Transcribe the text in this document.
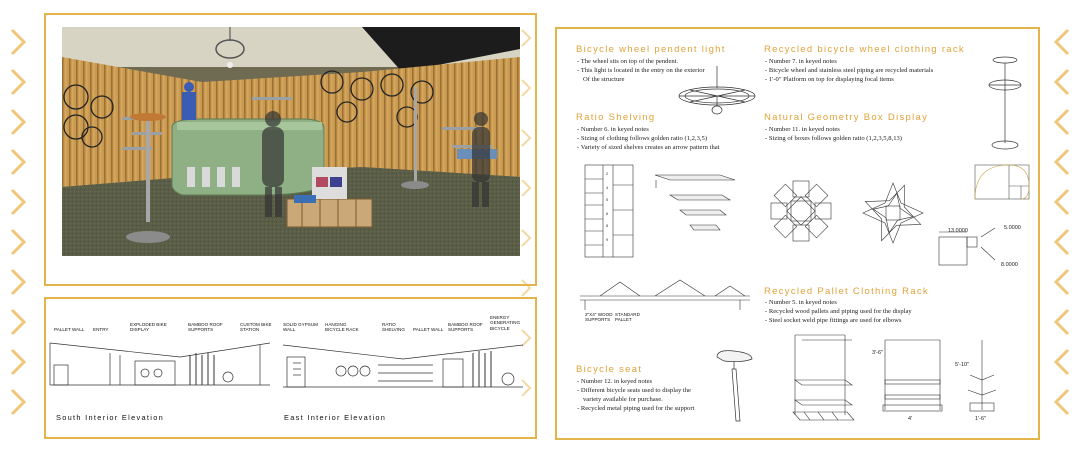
PALLET WALL ENTRY
EXPLODED BIKE DISPLAY
BAMBOO ROOF SUPPORTS
CUSTOM BIKE STATION
South Interior Elevation
SOLID GYPSUM WALL
HANGING BICYCLE RACK
RATIO SHELVING	PALLET WALL
BAMBOO ROOF SUPPORTS
ENERGY GENERATING BICYCLE
East Interior Elevation
Bicycle wheel pendent light
- The wheel sits on top of the pendent.
- This light is located in the entry on the exterior
Of the structure
Ratio Shelving
- Number 6. in keyed notes
- Sizing of clothing follows golden ratio (1,2,3,5)
- Variety of sized shelves creates an arrow pattern that
2
4
5
6
8
9
2"X4" WOOD SUPPORTS
STANDARD PALLET
Recycled bicycle wheel clothing rack
- Number 7. in keyed notes
- Bicycle wheel and stainless steel piping are recycled materials
- 1'-0" Platform on top for displaying focal items
Natural Geometry Box Display
- Number 11. in keyed notes
- Sizing of boxes follows golden ratio (1,2,3,5,8,13)
13.0000	5.0000
8.0000
Recycled Pallet Clothing Rack
- Number 5. in keyed notes
- Recycled wood pallets and piping used for the display
- Steel socket weld pipe fittings are used for elbows
3'-6"
5'-10"
4'	1'-6"
Bicycle seat
- Number 12. in keyed notes
- Different bicycle seats used to display the
variety available for purchase.
- Recycled metal piping used for the support
